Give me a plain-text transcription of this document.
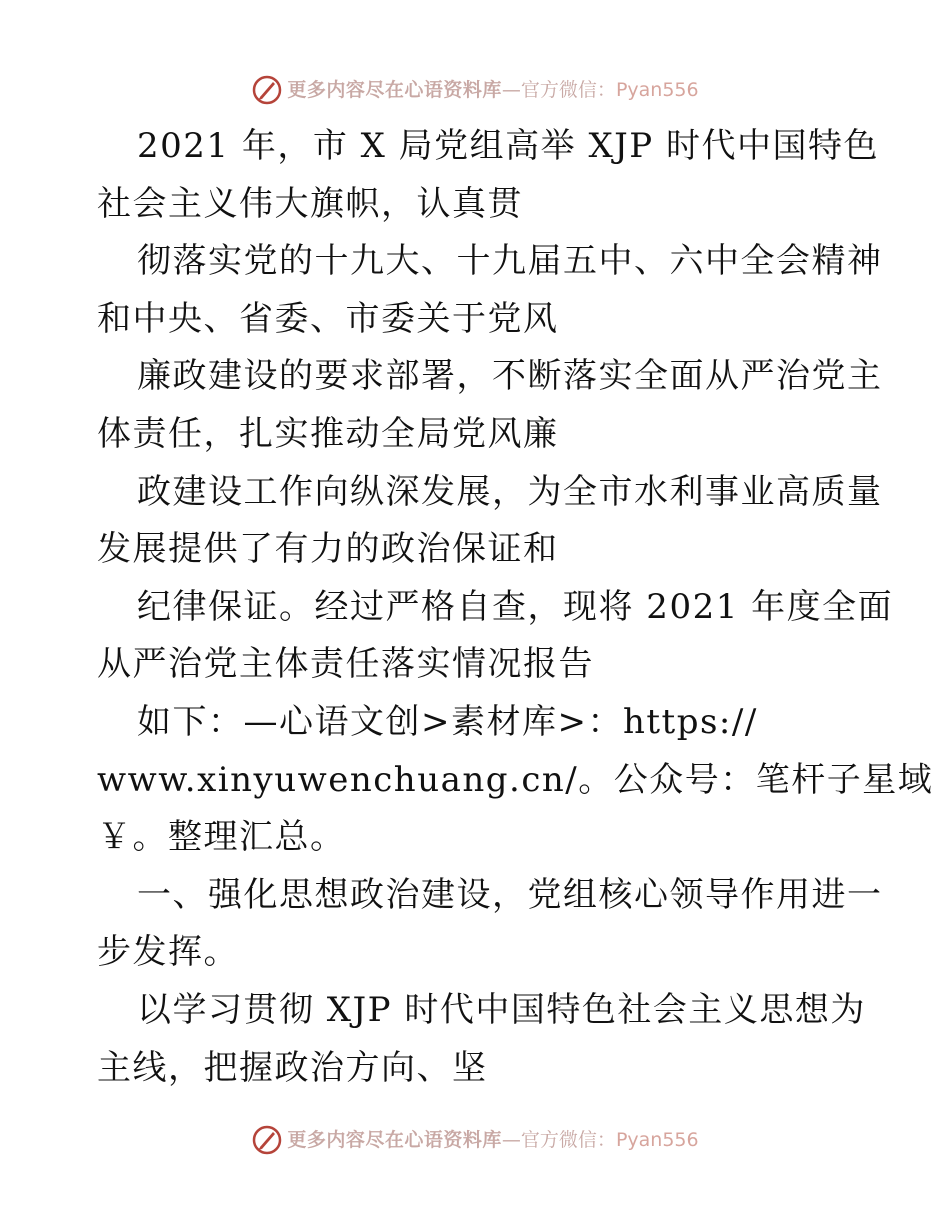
更多内容尽在心语资料库 — 官方微信： Pyan556
2021 年，市 X 局党组高举 XJP 时代中国特色
社会主义伟大旗帜，认真贯
彻落实党的十九大、十九届五中、六中全会精神
和中央、省委、市委关于党风
廉政建设的要求部署，不断落实全面从严治党主
体责任，扎实推动全局党风廉
政建设工作向纵深发展，为全市水利事业高质量
发展提供了有力的政治保证和
纪律保证。经过严格自查，现将 2021 年度全面
从严治党主体责任落实情况报告
如下：—心语文创>素材库>：https://
www.xinyuwenchuang.cn/。公众号：笔杆子星域
￥。整理汇总。
一、强化思想政治建设，党组核心领导作用进一
步发挥。
以学习贯彻 XJP 时代中国特色社会主义思想为
主线，把握政治方向、坚
更多内容尽在心语资料库 — 官方微信： Pyan556
